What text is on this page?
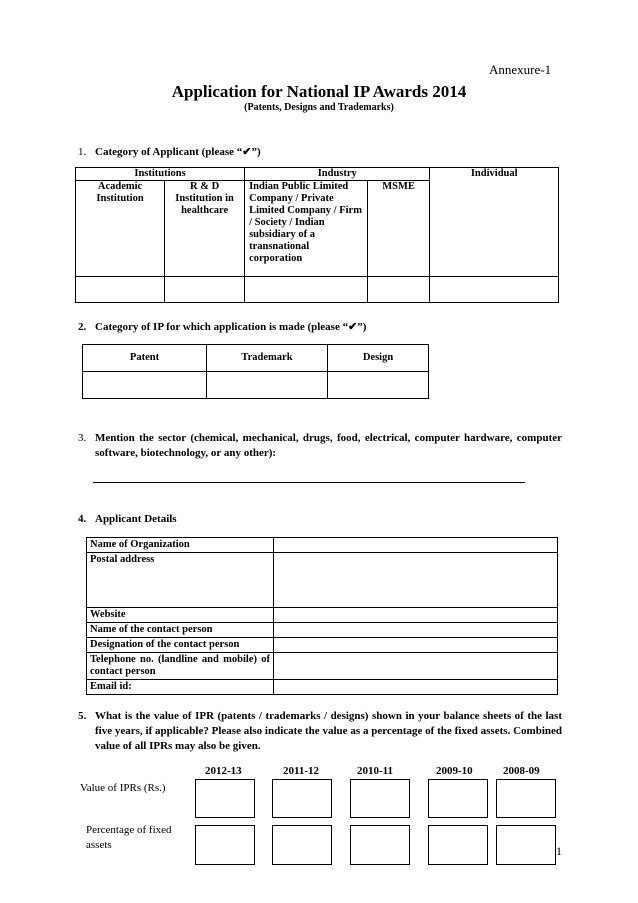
Annexure-1
Application for National IP Awards 2014
(Patents, Designs and Trademarks)
1. Category of Applicant (please “✔”)
Institutions		Industry		Individual
Academic Institution	R & D Institution in healthcare	Indian Public Limited Company / Private Limited Company / Firm / Society / Indian subsidiary of a transnational corporation	MSME	

2. Category of IP for which application is made (please “✔”)
Patent	Trademark	Design

3. Mention the sector (chemical, mechanical, drugs, food, electrical, computer hardware, computer software, biotechnology, or any other):
4. Applicant Details
Name of Organization	
Postal address	
Website	
Name of the contact person	
Designation of the contact person	
Telephone no. (landline and mobile) of contact person	
Email id:	
5. What is the value of IPR (patents / trademarks / designs) shown in your balance sheets of the last five years, if applicable? Please also indicate the value as a percentage of the fixed assets. Combined value of all IPRs may also be given.
2012-13	2011-12	2010-11	2009-10	2008-09
Value of IPRs (Rs.)
Percentage of fixed assets	1
